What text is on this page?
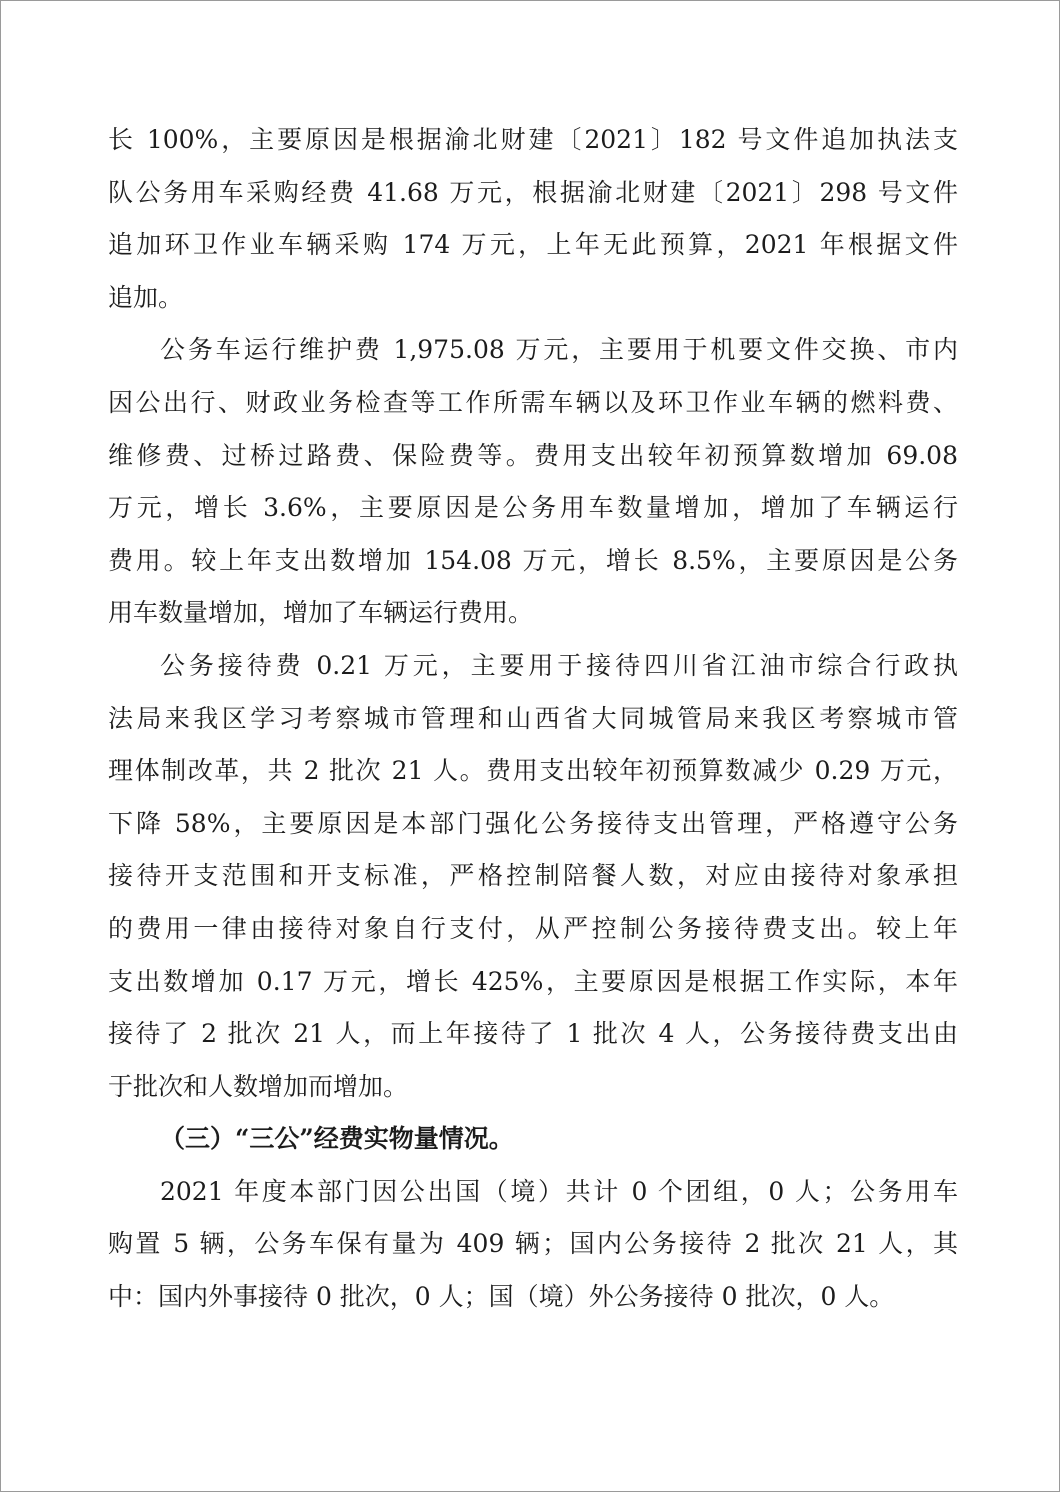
长 100%，主要原因是根据渝北财建〔2021〕182 号文件追加执法支
队公务用车采购经费 41.68 万元，根据渝北财建〔2021〕298 号文件
追加环卫作业车辆采购 174 万元，上年无此预算，2021 年根据文件
追加。
公务车运行维护费 1,975.08 万元，主要用于机要文件交换、市内
因公出行、财政业务检查等工作所需车辆以及环卫作业车辆的燃料费、
维修费、过桥过路费、保险费等。费用支出较年初预算数增加 69.08
万元，增长 3.6%，主要原因是公务用车数量增加，增加了车辆运行
费用。较上年支出数增加 154.08 万元，增长 8.5%，主要原因是公务
用车数量增加，增加了车辆运行费用。
公务接待费 0.21 万元，主要用于接待四川省江油市综合行政执
法局来我区学习考察城市管理和山西省大同城管局来我区考察城市管
理体制改革，共 2 批次 21 人。费用支出较年初预算数减少 0.29 万元，
下降 58%，主要原因是本部门强化公务接待支出管理，严格遵守公务
接待开支范围和开支标准，严格控制陪餐人数，对应由接待对象承担
的费用一律由接待对象自行支付，从严控制公务接待费支出。较上年
支出数增加 0.17 万元，增长 425%，主要原因是根据工作实际，本年
接待了 2 批次 21 人，而上年接待了 1 批次 4 人，公务接待费支出由
于批次和人数增加而增加。
（三）“三公”经费实物量情况。
2021 年度本部门因公出国（境）共计 0 个团组，0 人；公务用车
购置 5 辆，公务车保有量为 409 辆；国内公务接待 2 批次 21 人，其
中：国内外事接待 0 批次，0 人；国（境）外公务接待 0 批次，0 人。
